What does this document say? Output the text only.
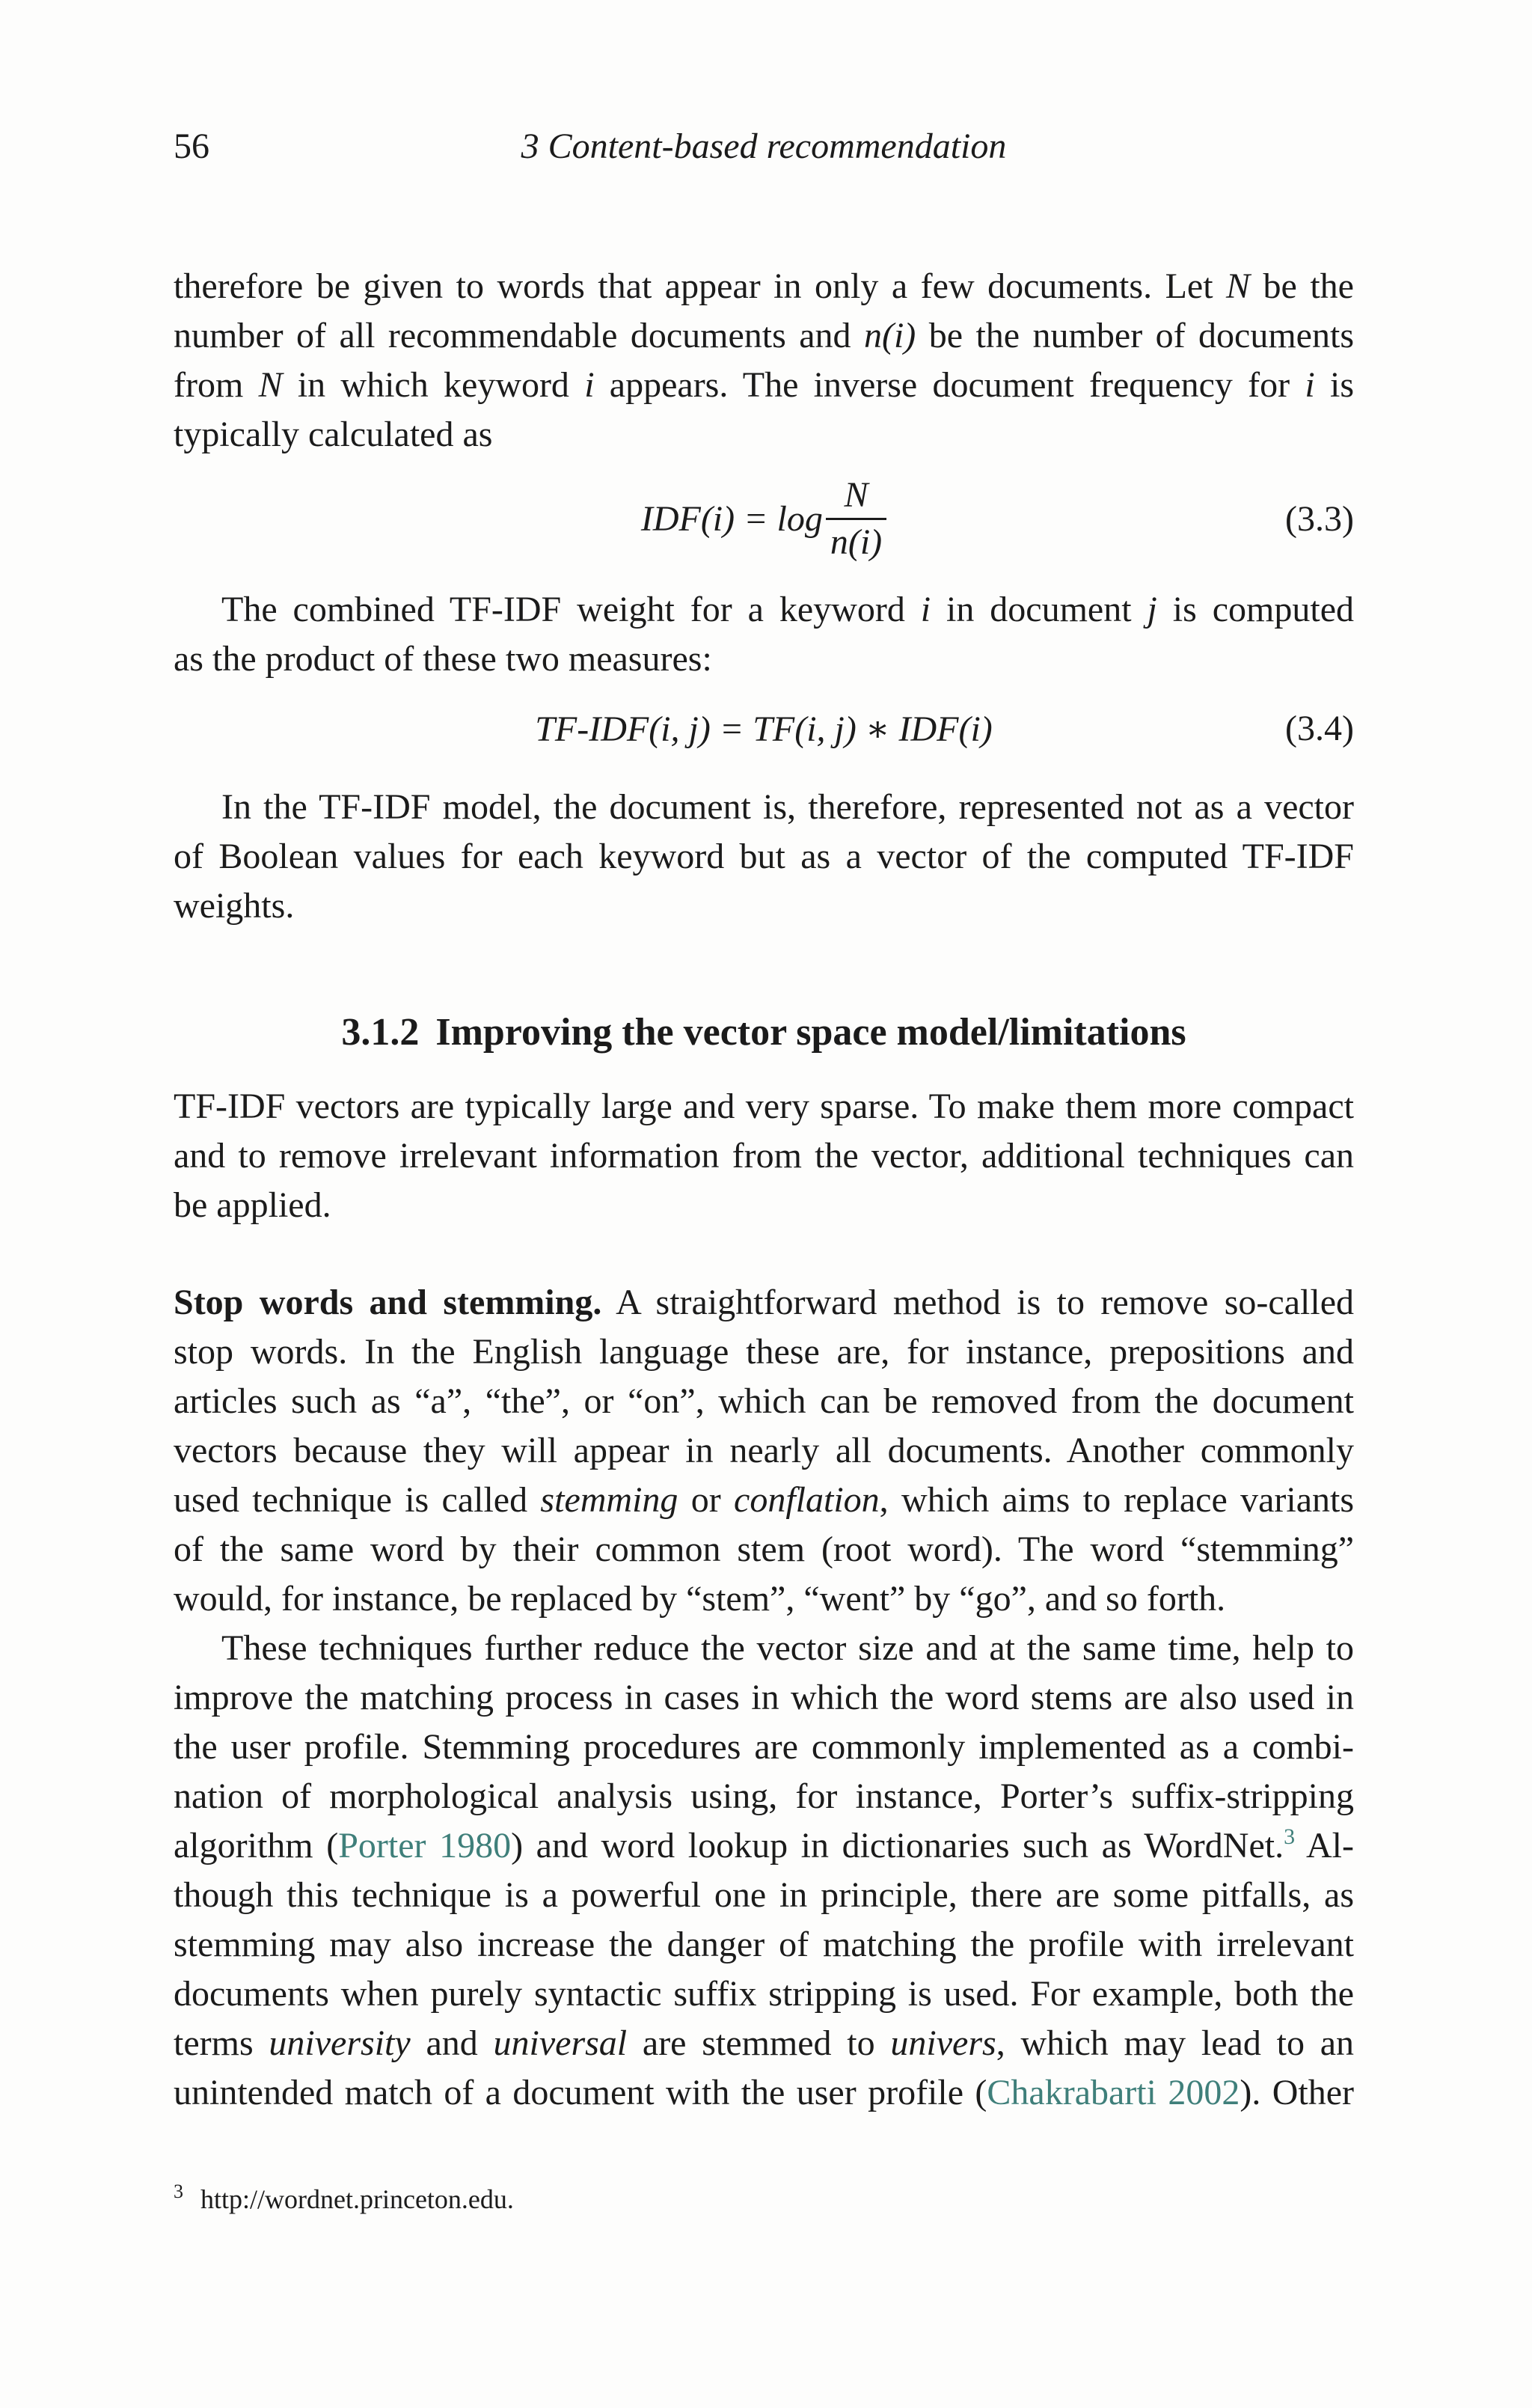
56	3 Content-based recommendation
therefore be given to words that appear in only a few documents. Let N be the
number of all recommendable documents and n(i) be the number of documents
from N in which keyword i appears. The inverse document frequency for i is
typically calculated as
$IDF(i) = \log \frac{N}{n(i)}$	(3.3)
The combined TF-IDF weight for a keyword i in document j is computed
as the product of these two measures:
TF-IDF(i, j) = TF(i, j) ∗ IDF(i)	(3.4)
In the TF-IDF model, the document is, therefore, represented not as a vector
of Boolean values for each keyword but as a vector of the computed TF-IDF
weights.
3.1.2 Improving the vector space model/limitations
TF-IDF vectors are typically large and very sparse. To make them more compact
and to remove irrelevant information from the vector, additional techniques can
be applied.
Stop words and stemming. A straightforward method is to remove so-called
stop words. In the English language these are, for instance, prepositions and
articles such as “a”, “the”, or “on”, which can be removed from the document
vectors because they will appear in nearly all documents. Another commonly
used technique is called stemming or conflation, which aims to replace variants
of the same word by their common stem (root word). The word “stemming”
would, for instance, be replaced by “stem”, “went” by “go”, and so forth.
These techniques further reduce the vector size and at the same time, help to
improve the matching process in cases in which the word stems are also used in
the user profile. Stemming procedures are commonly implemented as a combi-
nation of morphological analysis using, for instance, Porter’s suffix-stripping
algorithm (Porter 1980) and word lookup in dictionaries such as WordNet.$^3$ Al-
though this technique is a powerful one in principle, there are some pitfalls, as
stemming may also increase the danger of matching the profile with irrelevant
documents when purely syntactic suffix stripping is used. For example, both the
terms university and universal are stemmed to univers, which may lead to an
unintended match of a document with the user profile (Chakrabarti 2002). Other
$^3$ http://wordnet.princeton.edu.
